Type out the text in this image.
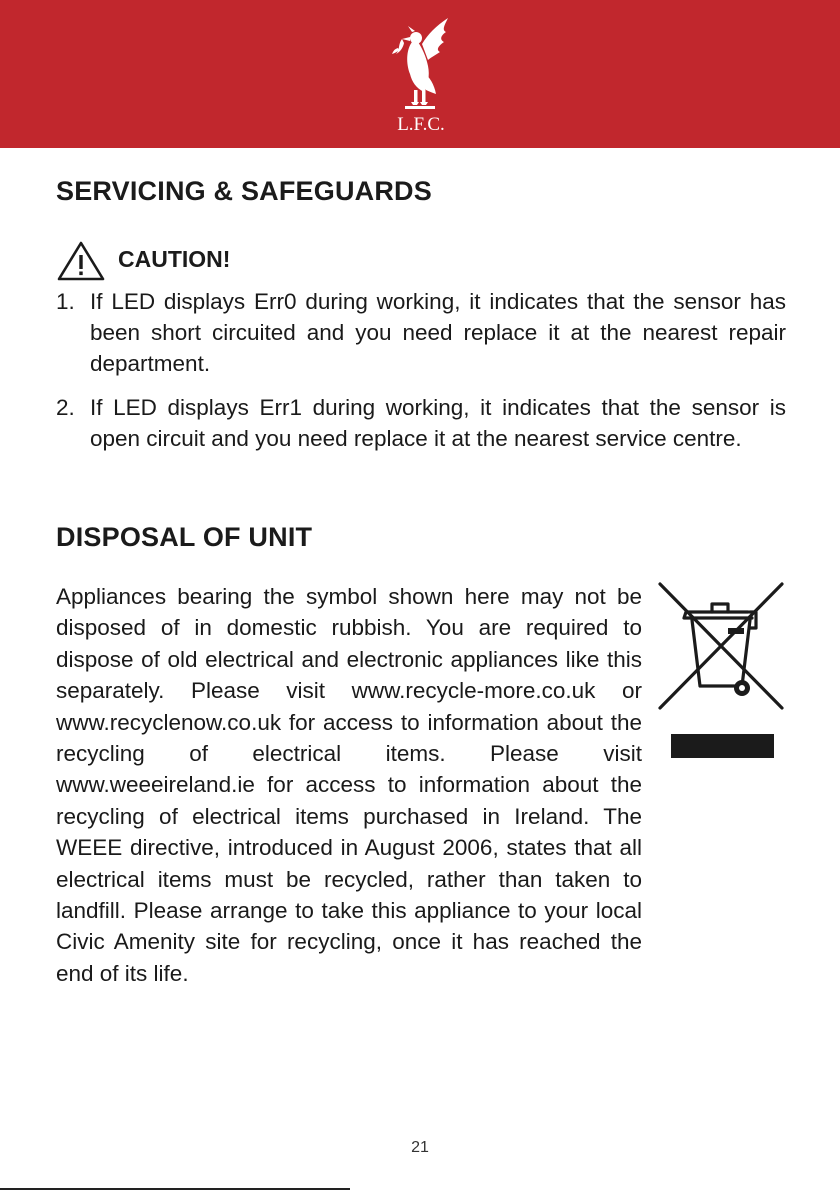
L.F.C.
SERVICING & SAFEGUARDS
CAUTION!
1. If LED displays Err0 during working, it indicates that the sensor has been short circuited and you need replace it at the nearest repair department.
2. If LED displays Err1 during working, it indicates that the sensor is open circuit and you need replace it at the nearest service centre.
DISPOSAL OF UNIT

Appliances bearing the symbol shown here may not be disposed of in domestic rubbish. You are required to dispose of old electrical and electronic appliances like this separately. Please visit www.recycle-more.co.uk or www.recyclenow.co.uk for access to information about the recycling of electrical items. Please visit www.weeeireland.ie for access to information about the recycling of electrical items purchased in Ireland. The WEEE directive, introduced in August 2006, states that all electrical items must be recycled, rather than taken to landfill. Please arrange to take this appliance to your local Civic Amenity site for recycling, once it has reached the end of its life.

21
